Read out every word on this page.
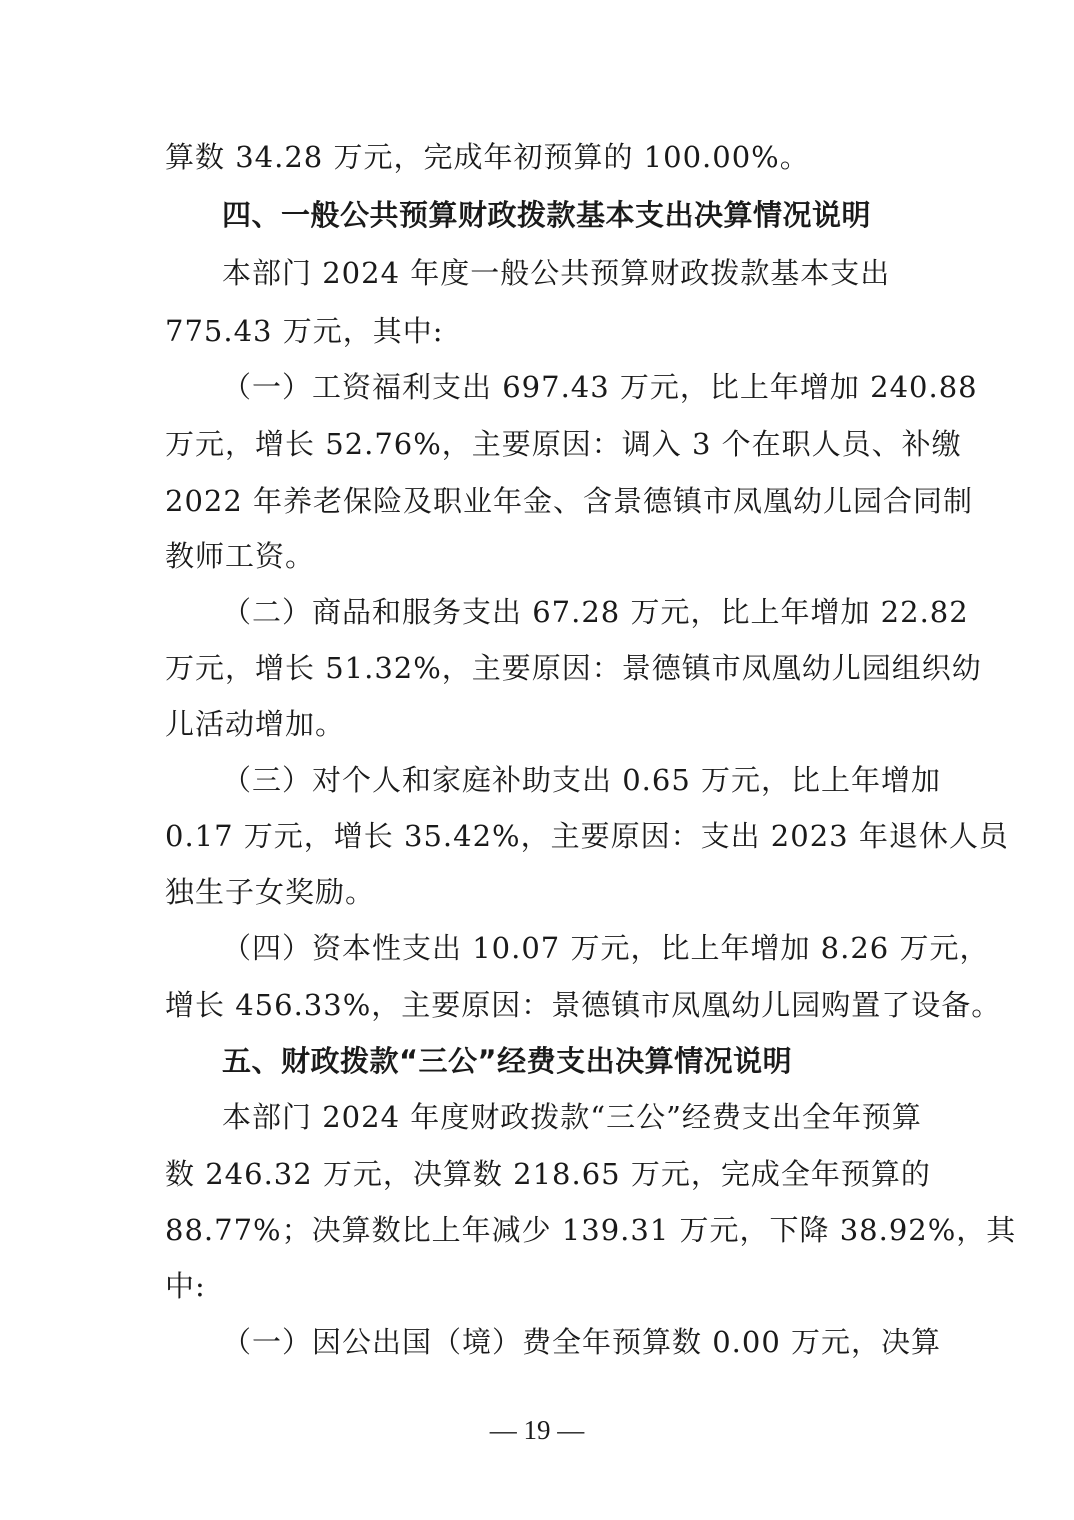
算数 34.28 万元，完成年初预算的 100.00%。
四、一般公共预算财政拨款基本支出决算情况说明
本部门 2024 年度一般公共预算财政拨款基本支出
775.43 万元，其中:
（一）工资福利支出 697.43 万元，比上年增加 240.88
万元，增长 52.76%，主要原因：调入 3 个在职人员、补缴
2022 年养老保险及职业年金、含景德镇市凤凰幼儿园合同制
教师工资。
（二）商品和服务支出 67.28 万元，比上年增加 22.82
万元，增长 51.32%，主要原因：景德镇市凤凰幼儿园组织幼
儿活动增加。
（三）对个人和家庭补助支出 0.65 万元，比上年增加
0.17 万元，增长 35.42%，主要原因：支出 2023 年退休人员
独生子女奖励。
（四）资本性支出 10.07 万元，比上年增加 8.26 万元，
增长 456.33%，主要原因：景德镇市凤凰幼儿园购置了设备。
五、财政拨款“三公”经费支出决算情况说明
本部门 2024 年度财政拨款“三公”经费支出全年预算
数 246.32 万元，决算数 218.65 万元，完成全年预算的
88.77%；决算数比上年减少 139.31 万元，下降 38.92%，其
中:
（一）因公出国（境）费全年预算数 0.00 万元，决算
— 19 —
